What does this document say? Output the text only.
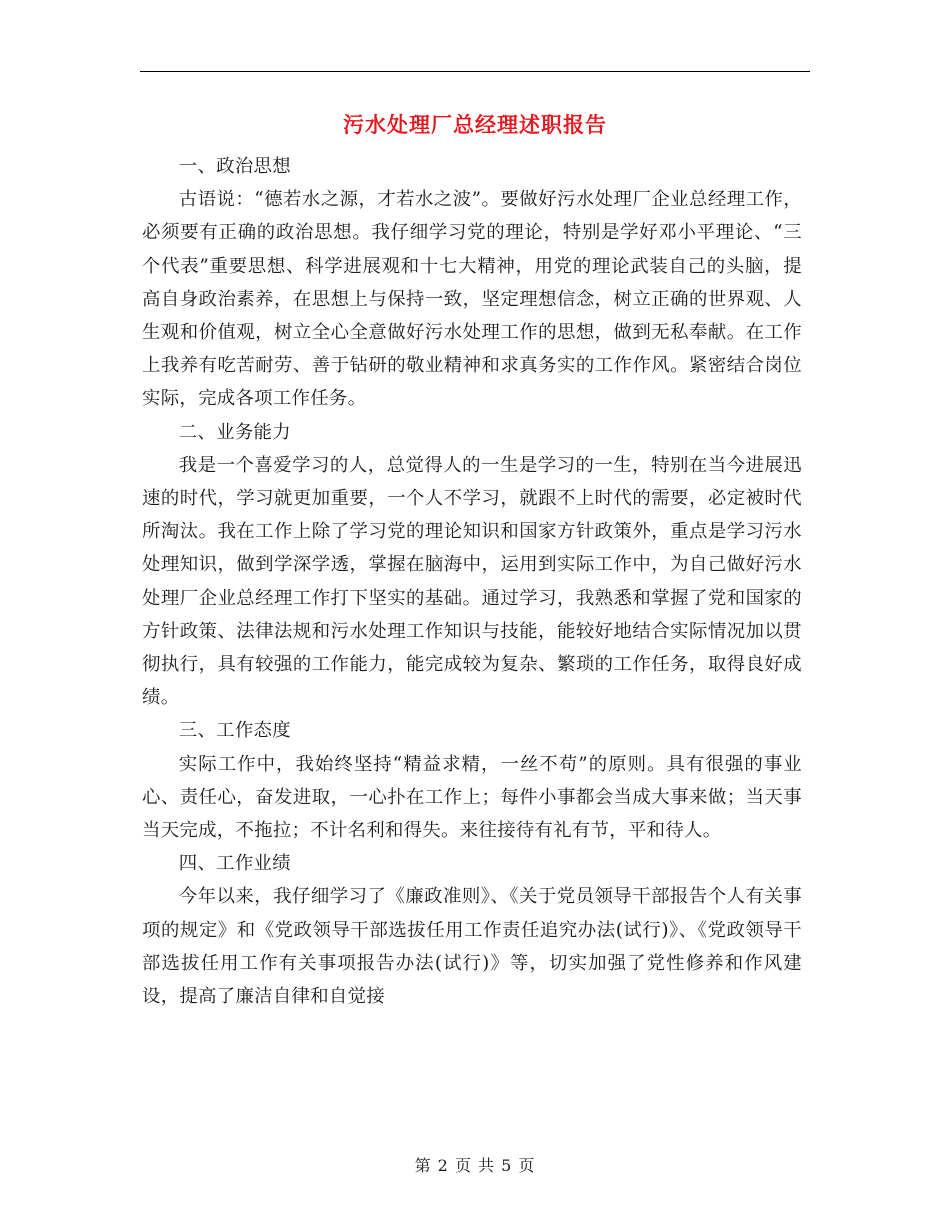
污水处理厂总经理述职报告

一、政治思想

古语说：“德若水之源，才若水之波”。要做好污水处理厂企业总经理工作，必须要有正确的政治思想。我仔细学习党的理论，特别是学好邓小平理论、“三个代表”重要思想、科学进展观和十七大精神，用党的理论武装自己的头脑，提高自身政治素养，在思想上与保持一致，坚定理想信念，树立正确的世界观、人生观和价值观，树立全心全意做好污水处理工作的思想，做到无私奉献。在工作上我养有吃苦耐劳、善于钻研的敬业精神和求真务实的工作作风。紧密结合岗位实际，完成各项工作任务。

二、业务能力

我是一个喜爱学习的人，总觉得人的一生是学习的一生，特别在当今进展迅速的时代，学习就更加重要，一个人不学习，就跟不上时代的需要，必定被时代所淘汰。我在工作上除了学习党的理论知识和国家方针政策外，重点是学习污水处理知识，做到学深学透，掌握在脑海中，运用到实际工作中，为自己做好污水处理厂企业总经理工作打下坚实的基础。通过学习，我熟悉和掌握了党和国家的方针政策、法律法规和污水处理工作知识与技能，能较好地结合实际情况加以贯彻执行，具有较强的工作能力，能完成较为复杂、繁琐的工作任务，取得良好成绩。

三、工作态度

实际工作中，我始终坚持“精益求精，一丝不苟”的原则。具有很强的事业心、责任心，奋发进取，一心扑在工作上；每件小事都会当成大事来做；当天事当天完成，不拖拉；不计名利和得失。来往接待有礼有节，平和待人。

四、工作业绩

今年以来，我仔细学习了《廉政准则》、《关于党员领导干部报告个人有关事项的规定》和《党政领导干部选拔任用工作责任追究办法(试行)》、《党政领导干部选拔任用工作有关事项报告办法(试行)》等，切实加强了党性修养和作风建设，提高了廉洁自律和自觉接

第 2 页 共 5 页
